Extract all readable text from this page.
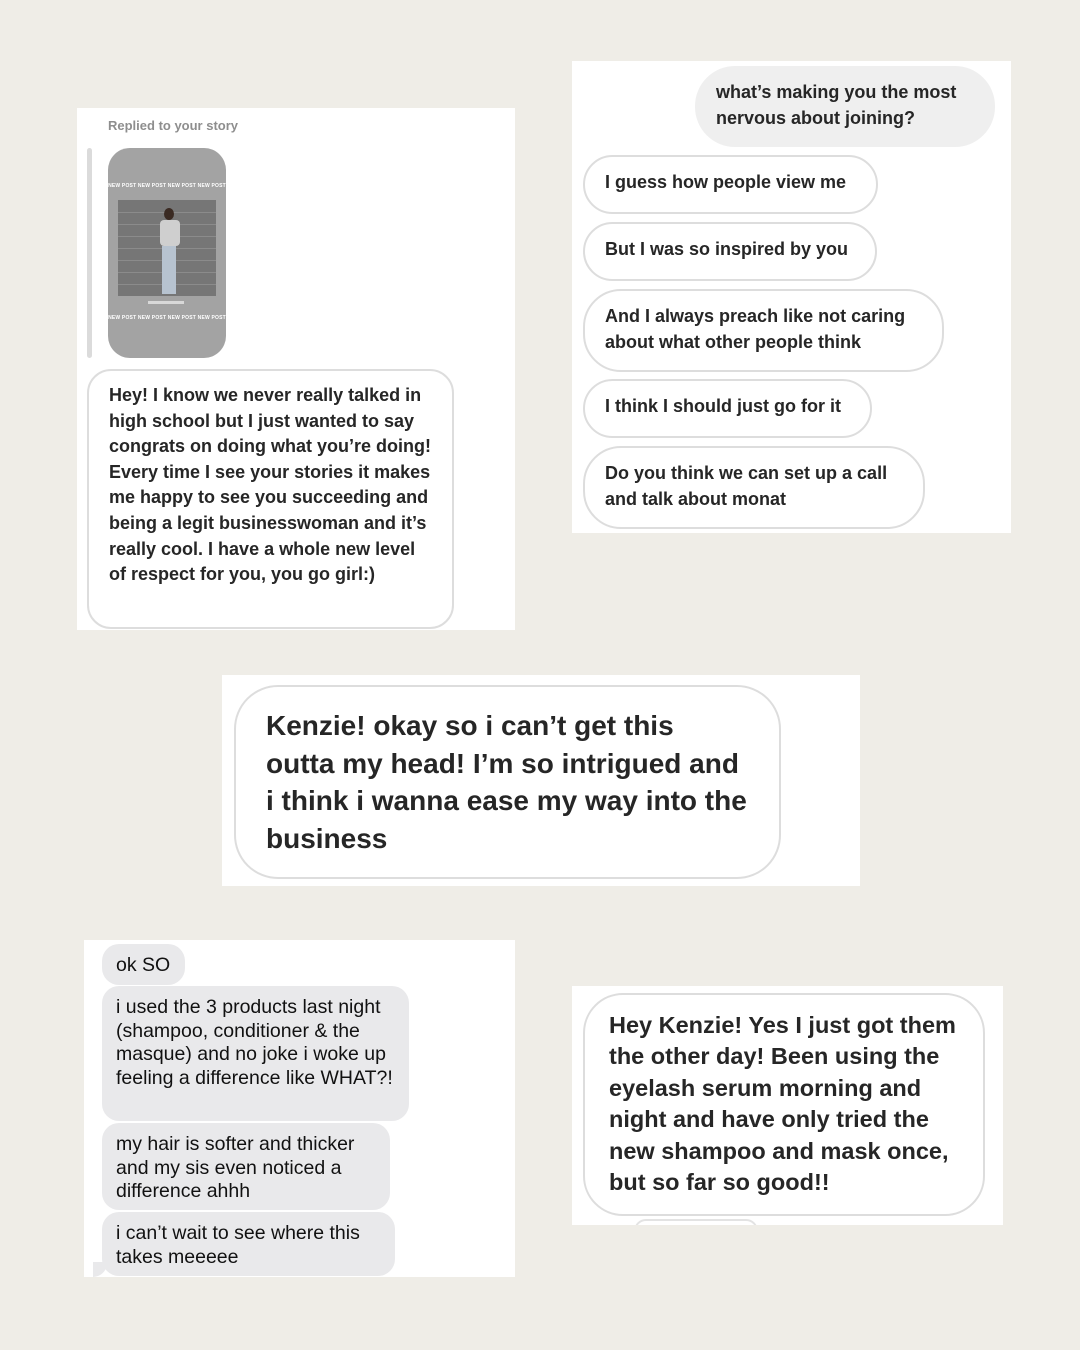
Replied to your story
NEW POST NEW POST NEW POST NEW POST
NEW POST NEW POST NEW POST NEW POST
Hey! I know we never really talked in high school but I just wanted to say congrats on doing what you’re doing! Every time I see your stories it makes me happy to see you succeeding and being a legit businesswoman and it’s really cool. I have a whole new level of respect for you, you go girl:)
what’s making you the most nervous about joining?
I guess how people view me
But I was so inspired by you
And I always preach like not caring about what other people think
I think I should just go for it
Do you think we can set up a call and talk about monat
Kenzie! okay so i can’t get this outta my head! I’m so intrigued and i think i wanna ease my way into the business
ok SO
i used the 3 products last night (shampoo, conditioner & the masque) and no joke i woke up feeling a difference like WHAT?!
my hair is softer and thicker and my sis even noticed a difference ahhh
i can’t wait to see where this takes meeeee
Hey Kenzie! Yes I just got them the other day! Been using the eyelash serum morning and night and have only tried the new shampoo and mask once, but so far so good!!
